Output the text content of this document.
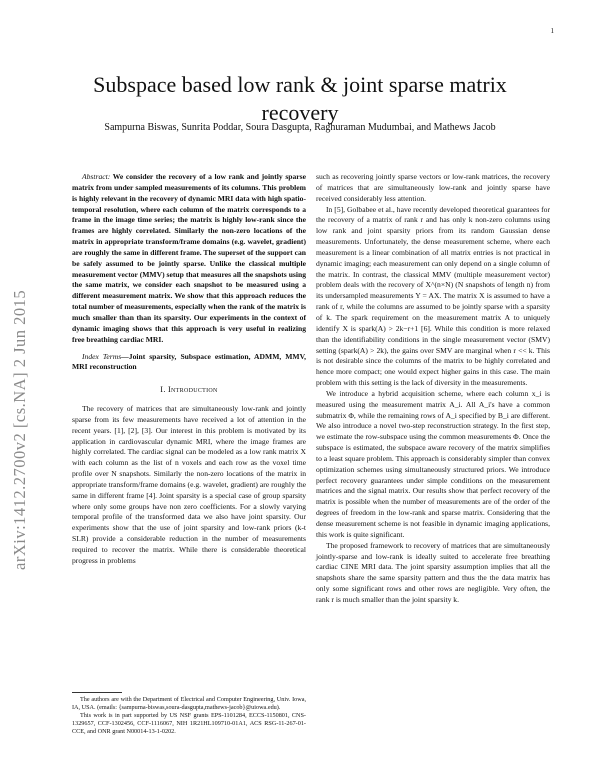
1
arXiv:1412.2700v2 [cs.NA] 2 Jun 2015
Subspace based low rank & joint sparse matrix recovery
Sampurna Biswas, Sunrita Poddar, Soura Dasgupta, Raghuraman Mudumbai, and Mathews Jacob

Abstract: We consider the recovery of a low rank and jointly sparse matrix from under sampled measurements of its columns. This problem is highly relevant in the recovery of dynamic MRI data with high spatio-temporal resolution, where each column of the matrix corresponds to a frame in the image time series; the matrix is highly low-rank since the frames are highly correlated. Similarly the non-zero locations of the matrix in appropriate transform/frame domains (e.g. wavelet, gradient) are roughly the same in different frame. The superset of the support can be safely assumed to be jointly sparse. Unlike the classical multiple measurement vector (MMV) setup that measures all the snapshots using the same matrix, we consider each snapshot to be measured using a different measurement matrix. We show that this approach reduces the total number of measurements, especially when the rank of the matrix is much smaller than than its sparsity. Our experiments in the context of dynamic imaging shows that this approach is very useful in realizing free breathing cardiac MRI.

Index Terms—Joint sparsity, Subspace estimation, ADMM, MMV, MRI reconstruction

I. Introduction

The recovery of matrices that are simultaneously low-rank and jointly sparse from its few measurements have received a lot of attention in the recent years. [1], [2], [3]. Our interest in this problem is motivated by its application in cardiovascular dynamic MRI, where the image frames are highly correlated. The cardiac signal can be modeled as a low rank matrix X with each column as the list of n voxels and each row as the voxel time profile over N snapshots. Similarly the non-zero locations of the matrix in appropriate transform/frame domains (e.g. wavelet, gradient) are roughly the same in different frame [4]. Joint sparsity is a special case of group sparsity where only some groups have non zero coefficients. For a slowly varying temporal profile of the transformed data we also have joint sparsity. Our experiments show that the use of joint sparsity and low-rank priors (k-t SLR) provide a considerable reduction in the number of measurements required to recover the matrix. While there is considerable theoretical progress in problems

The authors are with the Department of Electrical and Computer Engineering, Univ. Iowa, IA, USA. (emails: {sampurna-biswas,soura-dasgupta,mathews-jacob}@uiowa.edu).

This work is in part supported by US NSF grants EPS-1101284, ECCS-1150801, CNS-1329657, CCF-1302456, CCF-1116067, NIH 1R21HL109710-01A1, ACS RSG-11-267-01-CCE, and ONR grant N00014-13-1-0202.

such as recovering jointly sparse vectors or low-rank matrices, the recovery of matrices that are simultaneously low-rank and jointly sparse have received considerably less attention.

In [5], Golbabee et al., have recently developed theoretical guarantees for the recovery of a matrix of rank r and has only k non-zero columns using low rank and joint sparsity priors from its random Gaussian dense measurements. Unfortunately, the dense measurement scheme, where each measurement is a linear combination of all matrix entries is not practical in dynamic imaging; each measurement can only depend on a single column of the matrix. In contrast, the classical MMV (multiple measurement vector) problem deals with the recovery of X^(n×N) (N snapshots of length n) from its undersampled measurements Y = AX. The matrix X is assumed to have a rank of r, while the columns are assumed to be jointly sparse with a sparsity of k. The spark requirement on the measurement matrix A to uniquely identify X is spark(A) > 2k−r+1 [6]. While this condition is more relaxed than the identifiability conditions in the single measurement vector (SMV) setting (spark(A) > 2k), the gains over SMV are marginal when r << k. This is not desirable since the columns of the matrix to be highly correlated and hence more compact; one would expect higher gains in this case. The main problem with this setting is the lack of diversity in the measurements.

We introduce a hybrid acquisition scheme, where each column x_i is measured using the measurement matrix A_i. All A_i's have a common submatrix Φ, while the remaining rows of A_i specified by B_i are different. We also introduce a novel two-step reconstruction strategy. In the first step, we estimate the row-subspace using the common measurements Φ. Once the subspace is estimated, the subspace aware recovery of the matrix simplifies to a least square problem. This approach is considerably simpler than convex optimization schemes using simultaneously structured priors. We introduce perfect recovery guarantees under simple conditions on the measurement matrices and the signal matrix. Our results show that perfect recovery of the matrix is possible when the number of measurements are of the order of the degrees of freedom in the low-rank and sparse matrix. Considering that the dense measurement scheme is not feasible in dynamic imaging applications, this work is quite significant.

The proposed framework to recovery of matrices that are simultaneously jointly-sparse and low-rank is ideally suited to accelerate free breathing cardiac CINE MRI data. The joint sparsity assumption implies that all the snapshots share the same sparsity pattern and thus the the data matrix has only some significant rows and other rows are negligible. Very often, the rank r is much smaller than the joint sparsity k.
